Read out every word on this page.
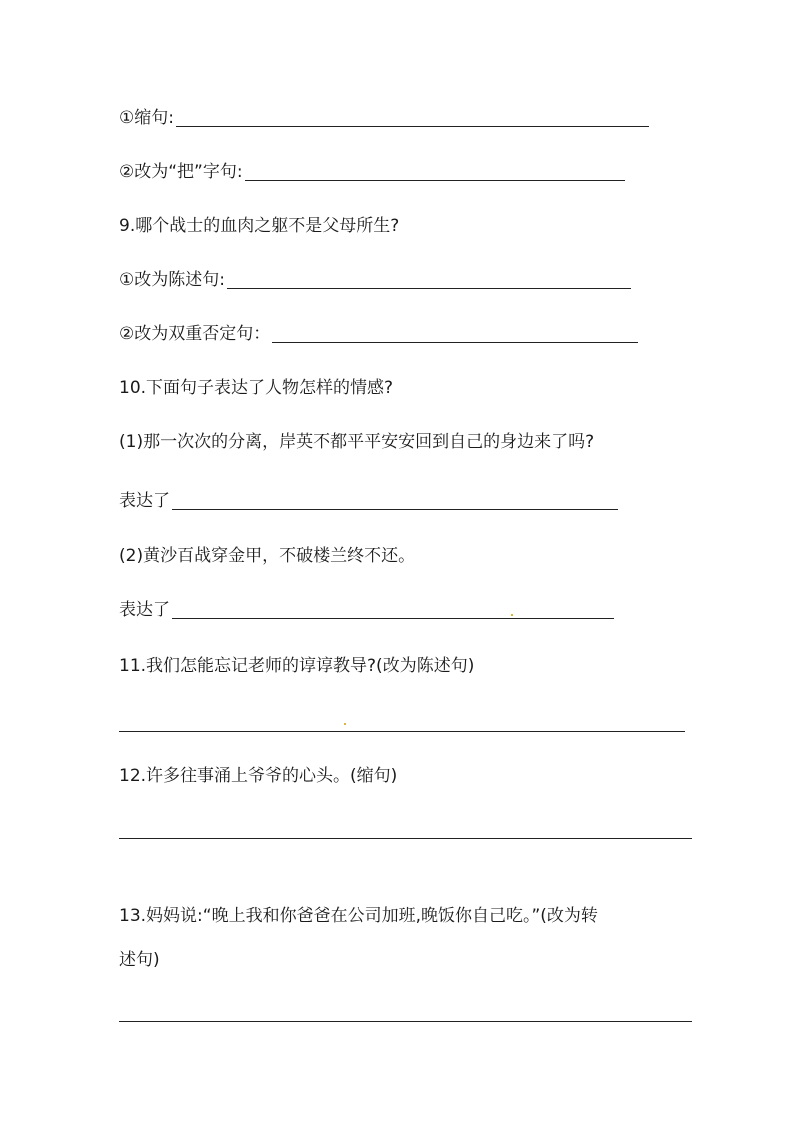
①缩句:
②改为“把”字句:
9.哪个战士的血肉之躯不是父母所生?
①改为陈述句:
②改为双重否定句：
10.下面句子表达了人物怎样的情感?
(1)那一次次的分离，岸英不都平平安安回到自己的身边来了吗?
表达了
(2)黄沙百战穿金甲，不破楼兰终不还。
表达了
11.我们怎能忘记老师的谆谆教导?(改为陈述句)
12.许多往事涌上爷爷的心头。(缩句)
13.妈妈说:“晚上我和你爸爸在公司加班,晚饭你自己吃。”(改为转
述句)
